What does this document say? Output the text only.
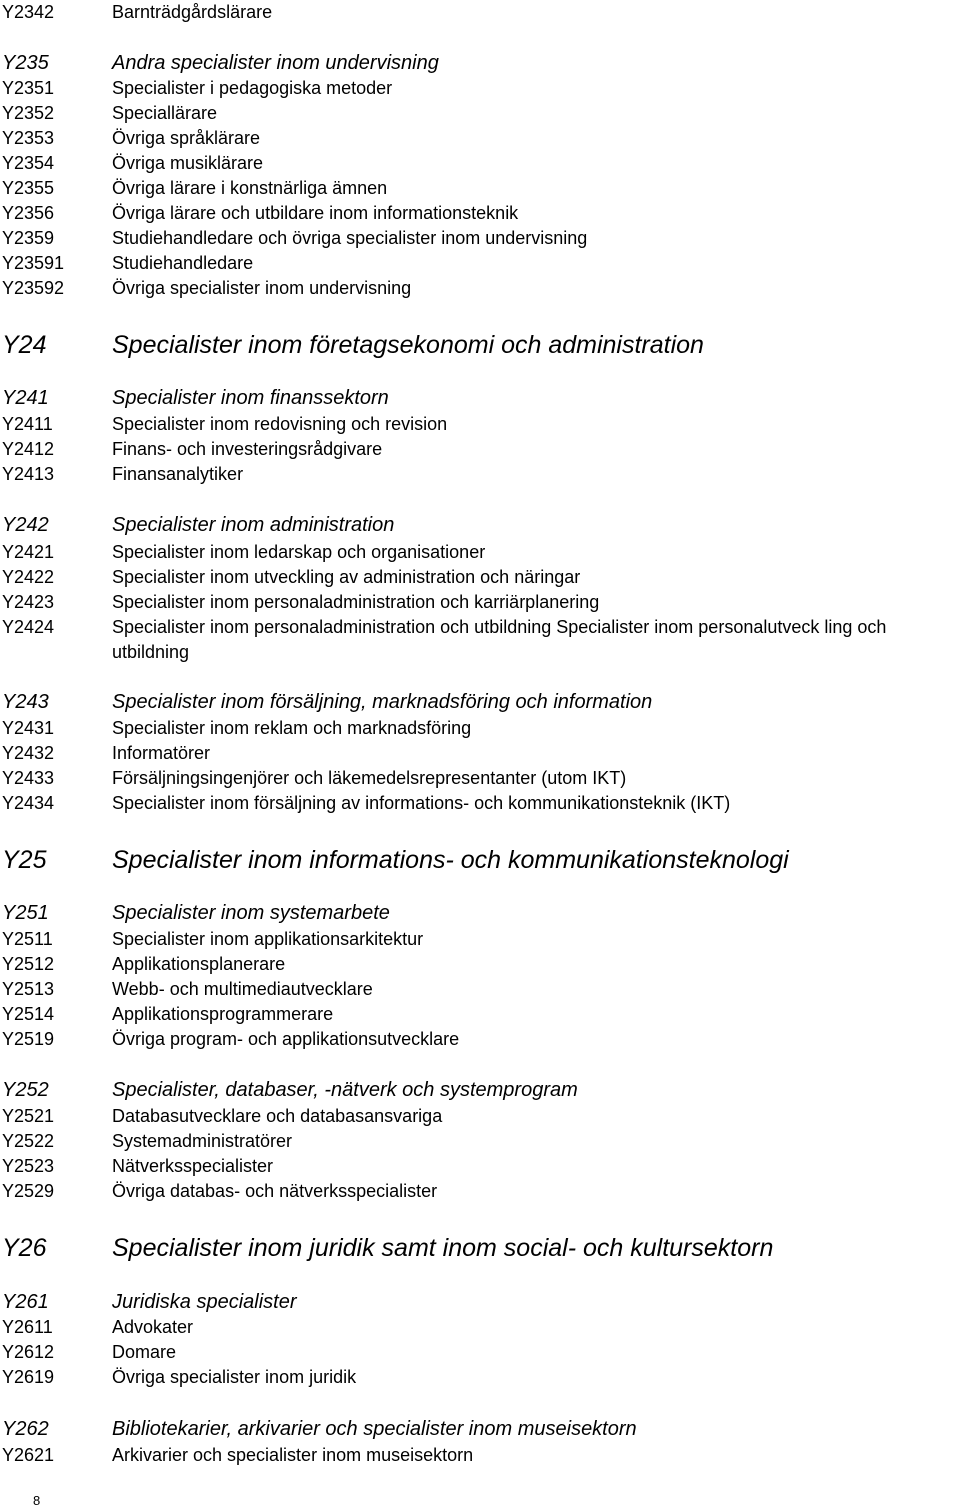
Y2342	Barnträdgårdslärare
Y235	Andra specialister inom undervisning
Y2351	Specialister i pedagogiska metoder
Y2352	Speciallärare
Y2353	Övriga språklärare
Y2354	Övriga musiklärare
Y2355	Övriga lärare i konstnärliga ämnen
Y2356	Övriga lärare och utbildare inom informationsteknik
Y2359	Studiehandledare och övriga specialister inom undervisning
Y23591	Studiehandledare
Y23592	Övriga specialister inom undervisning
Y24	Specialister inom företagsekonomi och administration
Y241	Specialister inom finanssektorn
Y2411	Specialister inom redovisning och revision
Y2412	Finans- och investeringsrådgivare
Y2413	Finansanalytiker
Y242	Specialister inom administration
Y2421	Specialister inom ledarskap och organisationer
Y2422	Specialister inom utveckling av administration och näringar
Y2423	Specialister inom personaladministration och karriärplanering
Y2424	Specialister inom personaladministration och utbildning Specialister inom personalutveck ling och utbildning
Y243	Specialister inom försäljning, marknadsföring och information
Y2431	Specialister inom reklam och marknadsföring
Y2432	Informatörer
Y2433	Försäljningsingenjörer och läkemedelsrepresentanter (utom IKT)
Y2434	Specialister inom försäljning av informations- och kommunikationsteknik (IKT)
Y25	Specialister inom informations- och kommunikationsteknologi
Y251	Specialister inom systemarbete
Y2511	Specialister inom applikationsarkitektur
Y2512	Applikationsplanerare
Y2513	Webb- och multimediautvecklare
Y2514	Applikationsprogrammerare
Y2519	Övriga program- och applikationsutvecklare
Y252	Specialister, databaser, -nätverk och systemprogram
Y2521	Databasutvecklare och databasansvariga
Y2522	Systemadministratörer
Y2523	Nätverksspecialister
Y2529	Övriga databas- och nätverksspecialister
Y26	Specialister inom juridik samt inom social- och kultursektorn
Y261	Juridiska specialister
Y2611	Advokater
Y2612	Domare
Y2619	Övriga specialister inom juridik
Y262	Bibliotekarier, arkivarier och specialister inom museisektorn
Y2621	Arkivarier och specialister inom museisektorn
8
